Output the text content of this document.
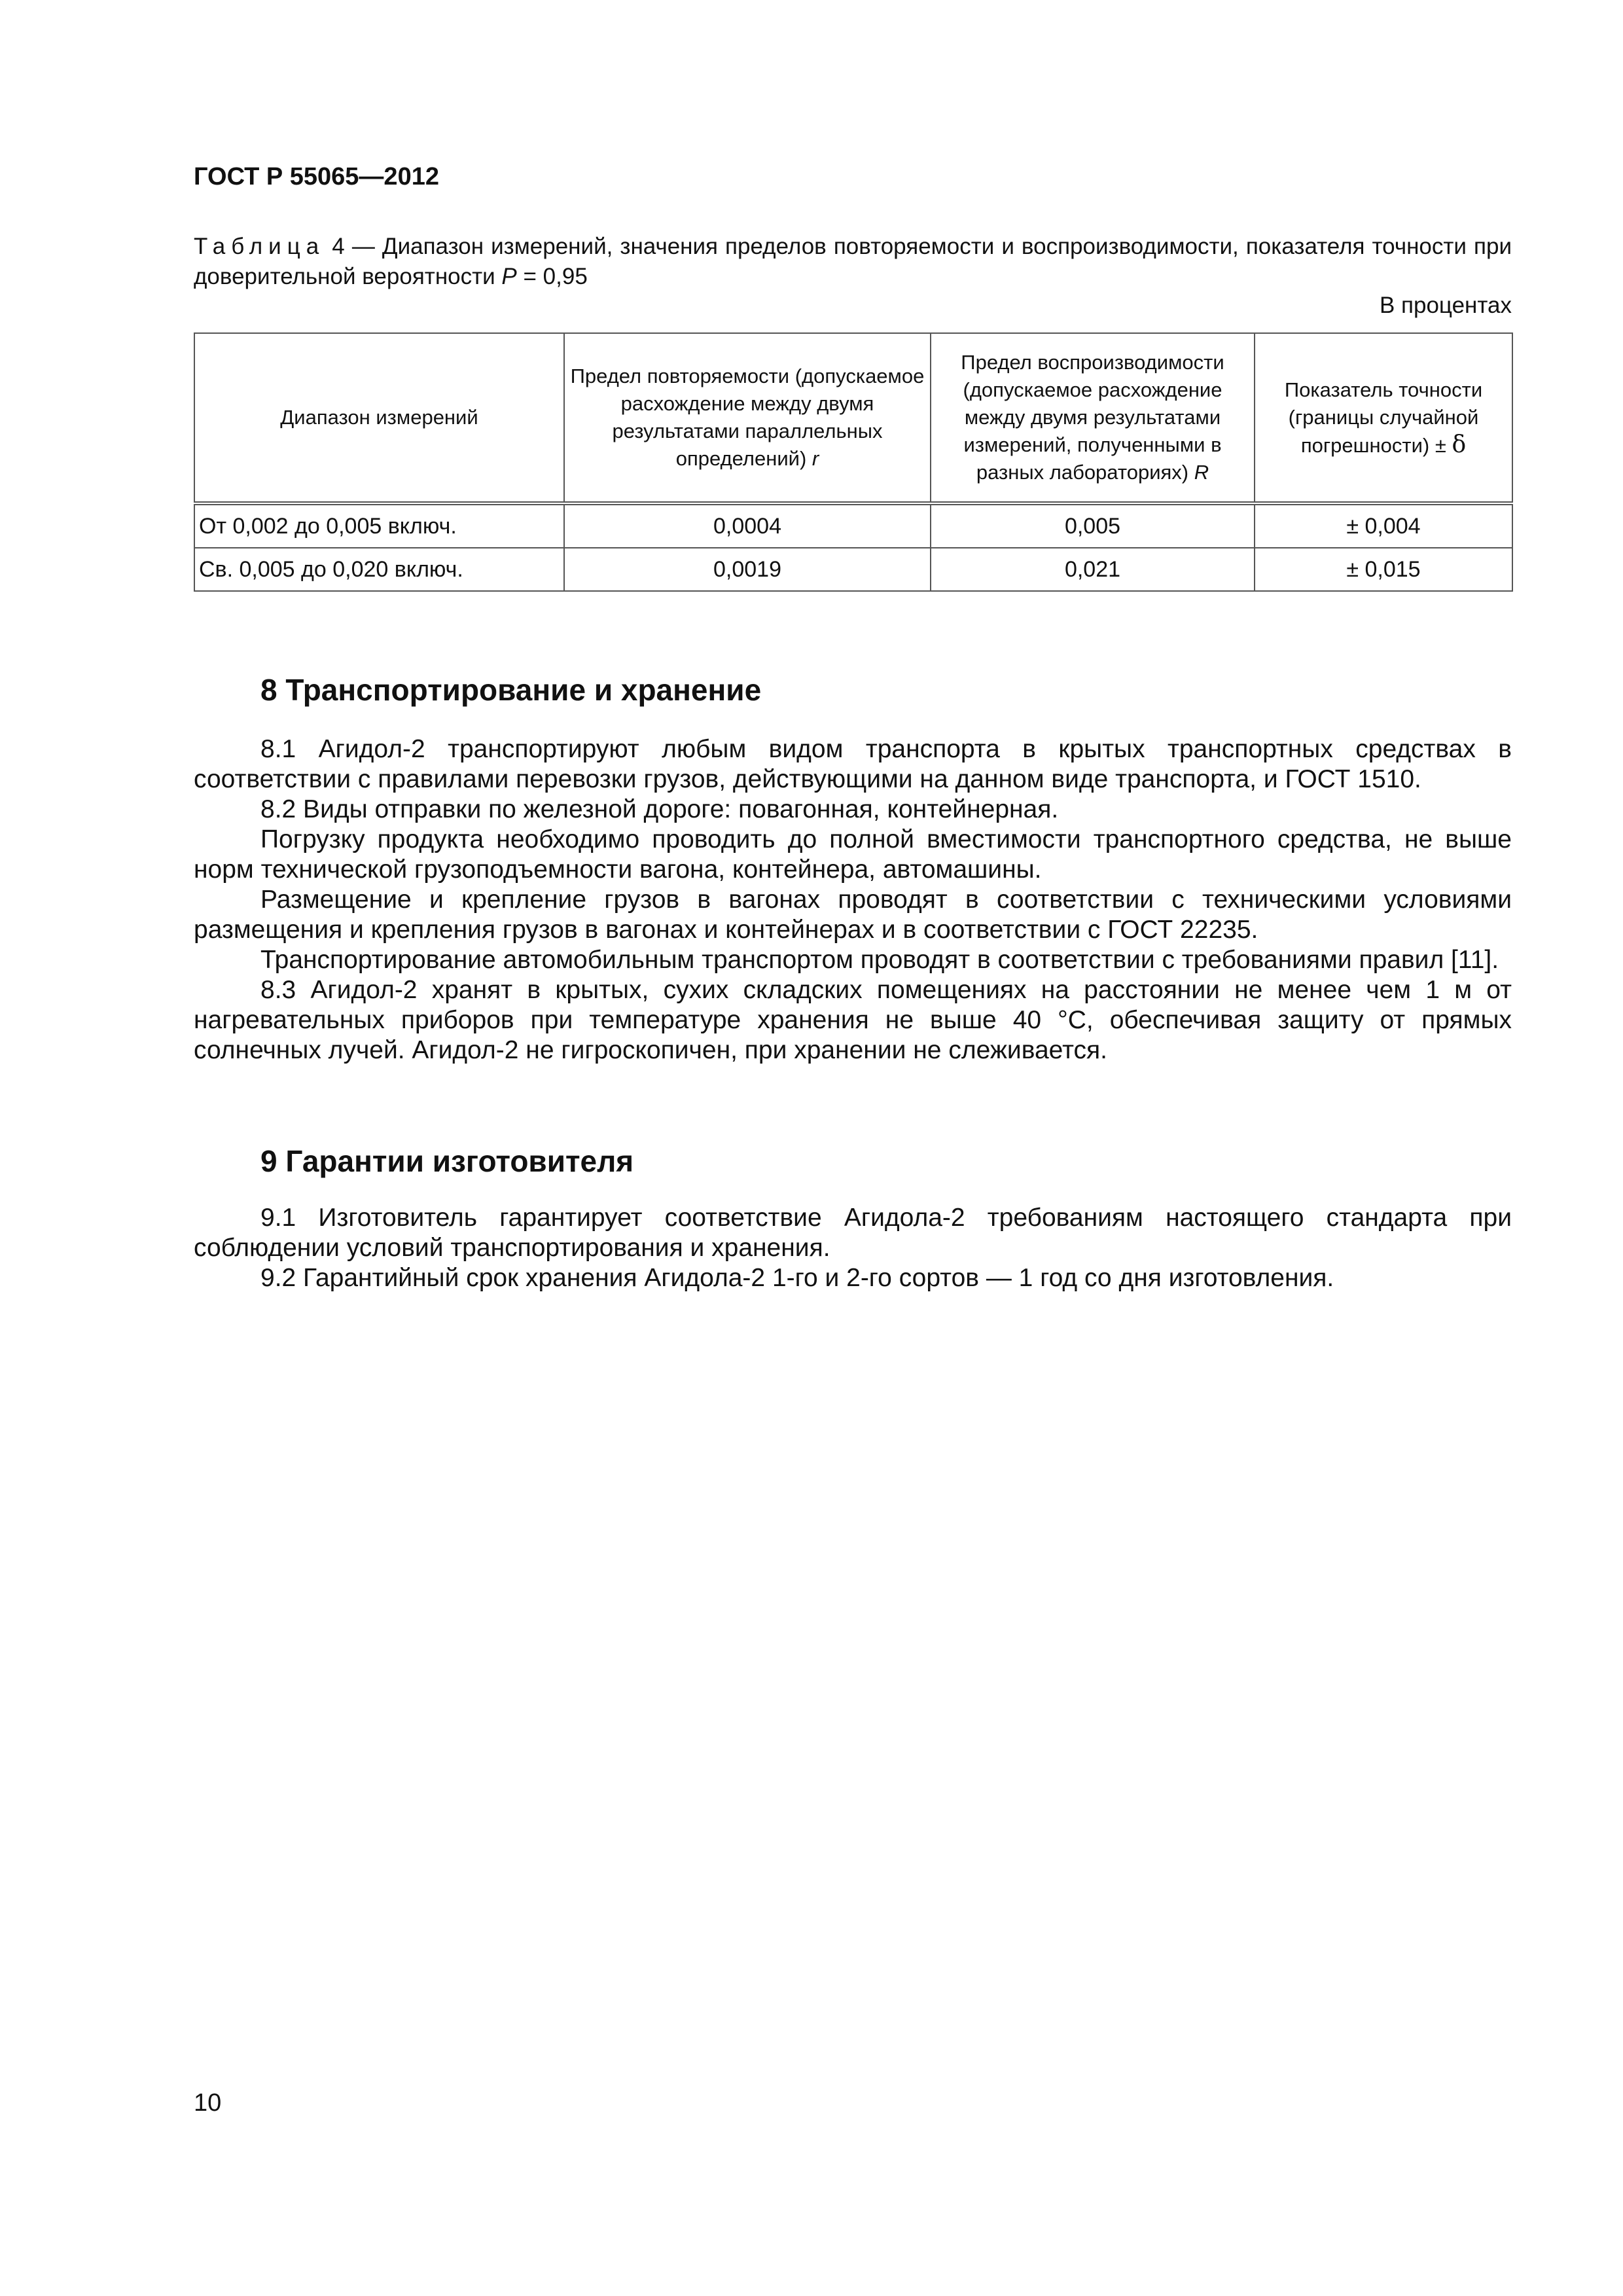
ГОСТ Р 55065—2012
Таблица 4 — Диапазон измерений, значения пределов повторяемости и воспроизводимости, показателя точности при доверительной вероятности P = 0,95
В процентах
Диапазон измерений	Предел повторяемости (допускаемое расхождение между двумя результатами параллельных определений) r	Предел воспроизводимости (допускаемое расхождение между двумя результатами измерений, полученными в разных лабораториях) R	Показатель точности (границы случайной погрешности) ± δ
От 0,002 до 0,005 включ.	0,0004	0,005	± 0,004
Св. 0,005 до 0,020 включ.	0,0019	0,021	± 0,015
8 Транспортирование и хранение

8.1 Агидол-2 транспортируют любым видом транспорта в крытых транспортных средствах в соответствии с правилами перевозки грузов, действующими на данном виде транспорта, и ГОСТ 1510.

8.2 Виды отправки по железной дороге: повагонная, контейнерная.

Погрузку продукта необходимо проводить до полной вместимости транспортного средства, не выше норм технической грузоподъемности вагона, контейнера, автомашины.

Размещение и крепление грузов в вагонах проводят в соответствии с техническими условиями размещения и крепления грузов в вагонах и контейнерах и в соответствии с ГОСТ 22235.

Транспортирование автомобильным транспортом проводят в соответствии с требованиями правил [11].

8.3 Агидол-2 хранят в крытых, сухих складских помещениях на расстоянии не менее чем 1 м от нагревательных приборов при температуре хранения не выше 40 °С, обеспечивая защиту от прямых солнечных лучей. Агидол-2 не гигроскопичен, при хранении не слеживается.

9 Гарантии изготовителя

9.1 Изготовитель гарантирует соответствие Агидола-2 требованиям настоящего стандарта при соблюдении условий транспортирования и хранения.

9.2 Гарантийный срок хранения Агидола-2 1-го и 2-го сортов — 1 год со дня изготовления.

10
